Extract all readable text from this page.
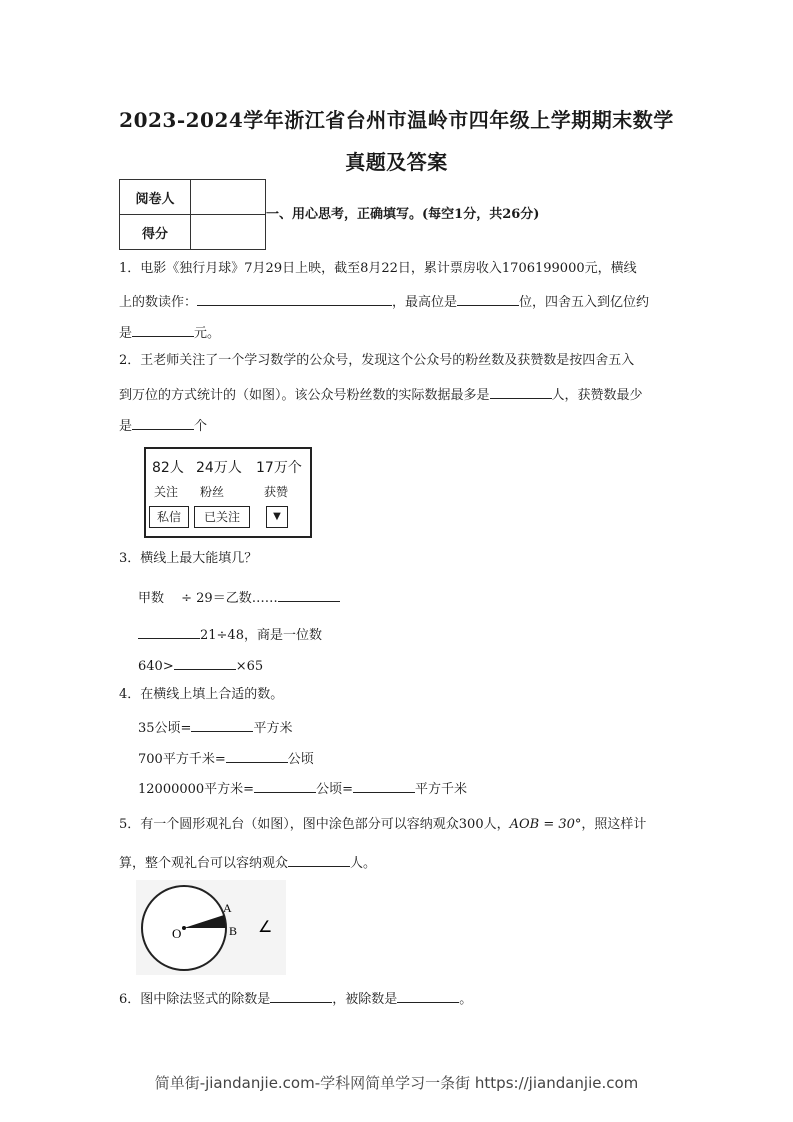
2023-2024学年浙江省台州市温岭市四年级上学期期末数学
真题及答案
阅卷人	
得分	
一、用心思考，正确填写。(每空1分，共26分)
1．电影《独行月球》7月29日上映，截至8月22日，累计票房收入1706199000元，横线
上的数读作：	，最高位是	位，四舍五入到亿位约
是	元。
2．王老师关注了一个学习数学的公众号，发现这个公众号的粉丝数及获赞数是按四舍五入
到万位的方式统计的（如图）。该公众号粉丝数的实际数据最多是	人，获赞数最少
是	个
82人 24万人 17万个
关注 粉丝	获赞
私信	已关注	▼
3．横线上最大能填几？
甲数　 ÷ 29＝乙数……
21÷48，商是一位数
640>	×65
4．在横线上填上合适的数。
35公顷=	平方米
700平方千米=	公顷
12000000平方米=	公顷=	平方千米
5．有一个圆形观礼台（如图），图中涂色部分可以容纳观众300人，AOB = 30°，照这样计
算，整个观礼台可以容纳观众	人。
O
A
B ∠
6．图中除法竖式的除数是	，被除数是	。
简单街-jiandanjie.com-学科网简单学习一条街 https://jiandanjie.com
